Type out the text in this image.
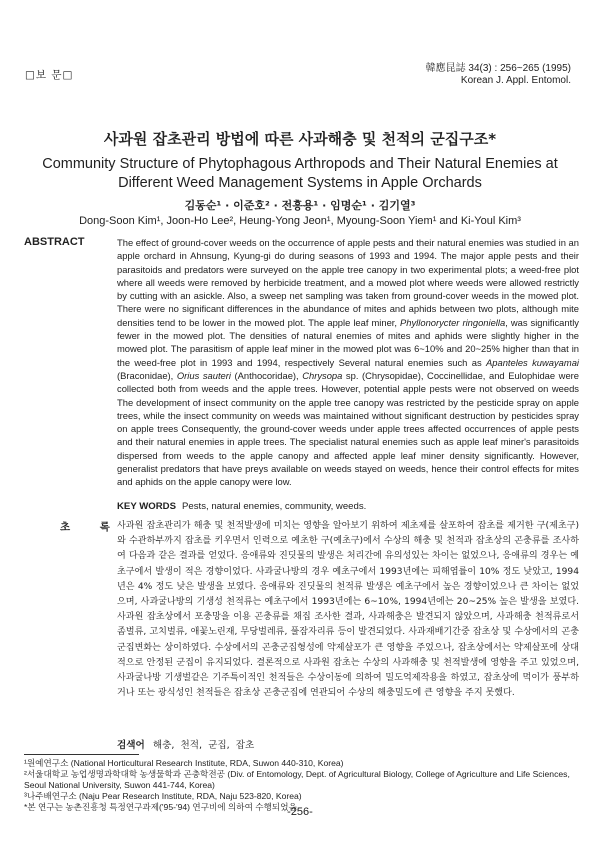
□보 문□
韓應昆誌 34(3) : 256~265 (1995)
Korean J. Appl. Entomol.
사과원 잡초관리 방법에 따른 사과해충 및 천적의 군집구조*
Community Structure of Phytophagous Arthropods and Their Natural Enemies at Different Weed Management Systems in Apple Orchards
김동순¹ · 이준호² · 전흥용¹ · 임명순¹ · 김기열³
Dong-Soon Kim¹, Joon-Ho Lee², Heung-Yong Jeon¹, Myoung-Soon Yiem¹ and Ki-Youl Kim³
ABSTRACT	The effect of ground-cover weeds on the occurrence of apple pests and their natural enemies was studied in an apple orchard in Ahnsung, Kyung-gi do during seasons of 1993 and 1994. The major apple pests and their parasitoids and predators were surveyed on the apple tree canopy in two experimental plots; a weed-free plot where all weeds were removed by herbicide treatment, and a mowed plot where weeds were allowed restrictly by cutting with an asickle. Also, a sweep net sampling was taken from ground-cover weeds in the mowed plot. There were no significant differences in the abundance of mites and aphids between two plots, although mite densities tend to be lower in the mowed plot. The apple leaf miner, Phyllonorycter ringoniella, was significantly fewer in the mowed plot. The densities of natural enemies of mites and aphids were slightly higher in the mowed plot. The parasitism of apple leaf miner in the mowed plot was 6~10% and 20~25% higher than that in the weed-free plot in 1993 and 1994, respectively Several natural enemies such as Apanteles kuwayamai (Braconidae), Orius sauteri (Anthocoridae), Chrysopa sp. (Chrysopidae), Coccinellidae, and Eulophidae were collected both from weeds and the apple trees. However, potential apple pests were not observed on weeds The development of insect community on the apple tree canopy was restricted by the pesticide spray on apple trees, while the insect community on weeds was maintained without significant destruction by pesticides spray on apple trees Consequently, the ground-cover weeds under apple trees affected occurrences of apple pests and their natural enemies in apple trees. The specialist natural enemies such as apple leaf miner's parasitoids dispersed from weeds to the apple canopy and affected apple leaf miner density significantly. However, generalist predators that have preys available on weeds stayed on weeds, hence their control effects for mites and aphids on the apple canopy were low.

KEY WORDS Pests, natural enemies, community, weeds.
초 록 사과원 잡초관리가 해충 및 천적발생에 미치는 영향을 알아보기 위하여 제초제를 살포하여 잡초를 제거한 구(제초구)와 수관하부까지 잡초를 키우면서 인력으로 예초한 구(예초구)에서 수상의 해충 및 천적과 잡초상의 곤충류를 조사하여 다음과 같은 결과를 얻었다. 응애류와 진딧물의 발생은 처리간에 유의성있는 차이는 없었으나, 응애류의 경우는 예초구에서 발생이 적은 경향이었다. 사과굴나방의 경우 예초구에서 1993년에는 피해엽률이 10% 정도 낮았고, 1994년은 4% 정도 낮은 발생을 보였다. 응애류와 진딧물의 천적류 발생은 예초구에서 높은 경향이었으나 큰 차이는 없었으며, 사과굴나방의 기생성 천적류는 예초구에서 1993년에는 6~10%, 1994년에는 20~25% 높은 발생을 보였다. 사과원 잡초상에서 포충망을 이용 곤충류를 채집 조사한 결과, 사과해충은 발견되지 않았으며, 사과해충 천적류로서 좀벌류, 고치벌류, 애꽃노린재, 무당벌레류, 풀잠자리류 등이 발견되었다. 사과재배기간중 잡초상 및 수상에서의 곤충군집변화는 상이하였다. 수상에서의 곤충군집형성에 약제살포가 큰 영향을 주었으나, 잡초상에서는 약제살포에 상대적으로 안정된 군집이 유지되었다. 결론적으로 사과원 잡초는 수상의 사과해충 및 천적발생에 영향을 주고 있었으며, 사과굴나방 기생벌같은 기주특이적인 천적들은 수상이동에 의하여 밀도억제작용을 하였고, 잡초상에 먹이가 풍부하거나 또는 광식성인 천적들은 잡초상 곤충군집에 연관되어 수상의 해충밀도에 큰 영향을 주지 못했다.

검색어 해충, 천적, 군집, 잡초
¹원예연구소 (National Horticultural Research Institute, RDA, Suwon 440-310, Korea)
²서울대학교 농업생명과학대학 농생물학과 곤충학전공 (Div. of Entomology, Dept. of Agricultural Biology, College of Agriculture and Life Sciences, Seoul National University, Suwon 441-744, Korea)
³나주배연구소 (Naju Pear Research Institute, RDA, Naju 523-820, Korea)
*본 연구는 농촌진흥청 특정연구과제('95-'94) 연구비에 의하여 수행되었음.
-256-
